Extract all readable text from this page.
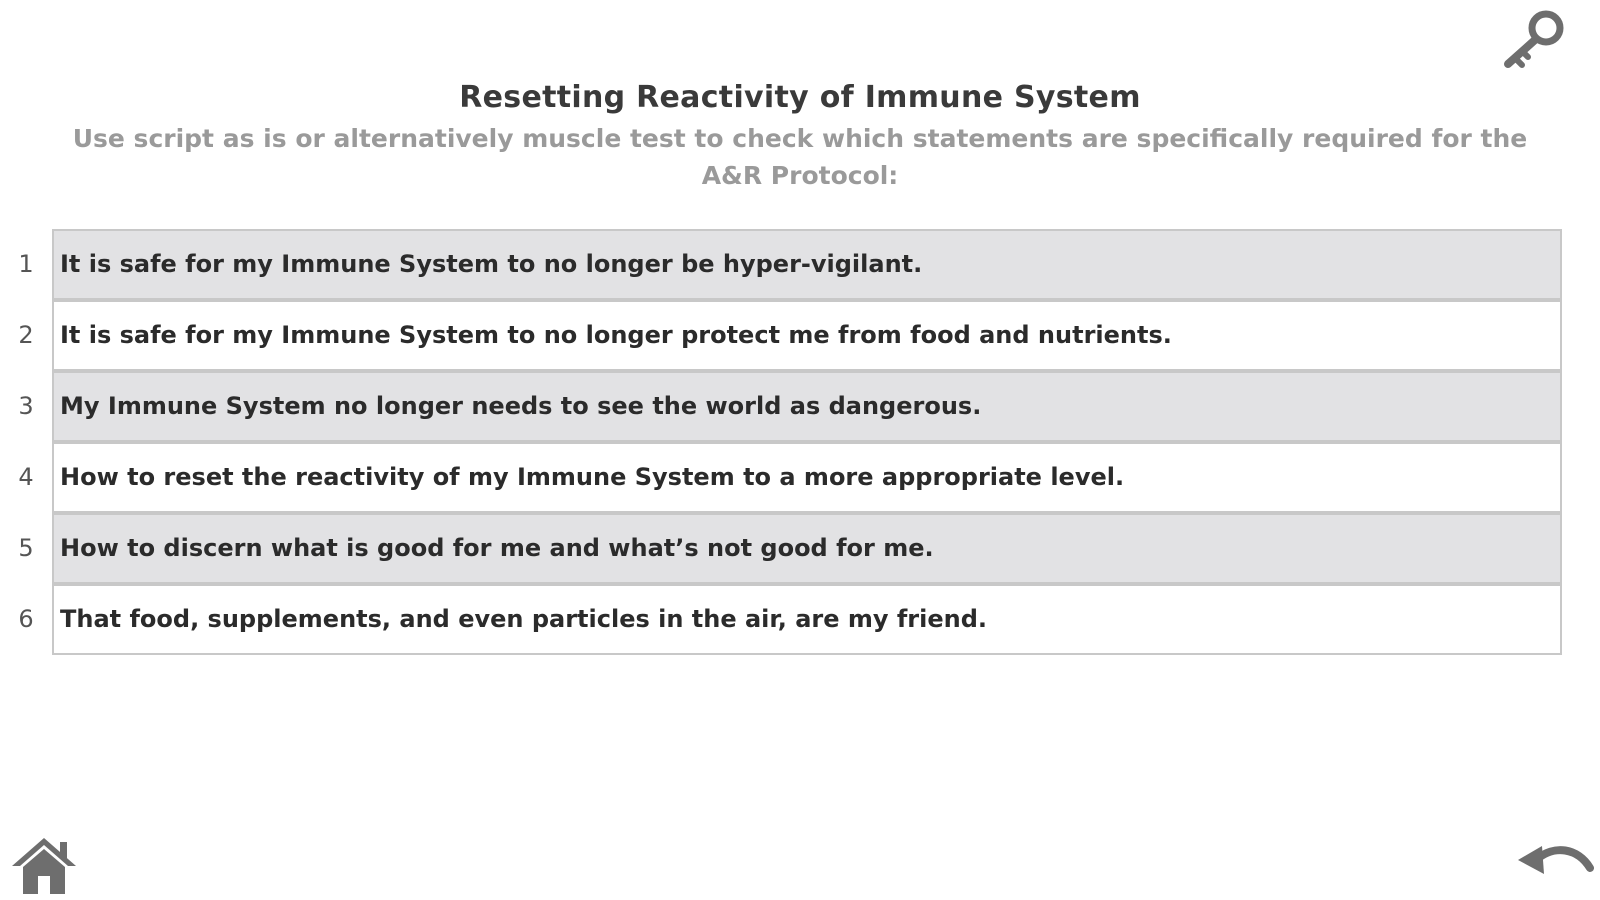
Resetting Reactivity of Immune System

Use script as is or alternatively muscle test to check which statements are specifically required for the A&R Protocol:

1	It is safe for my Immune System to no longer be hyper-vigilant.
2	It is safe for my Immune System to no longer protect me from food and nutrients.
3	My Immune System no longer needs to see the world as dangerous.
4	How to reset the reactivity of my Immune System to a more appropriate level.
5	How to discern what is good for me and what’s not good for me.
6	That food, supplements, and even particles in the air, are my friend.
